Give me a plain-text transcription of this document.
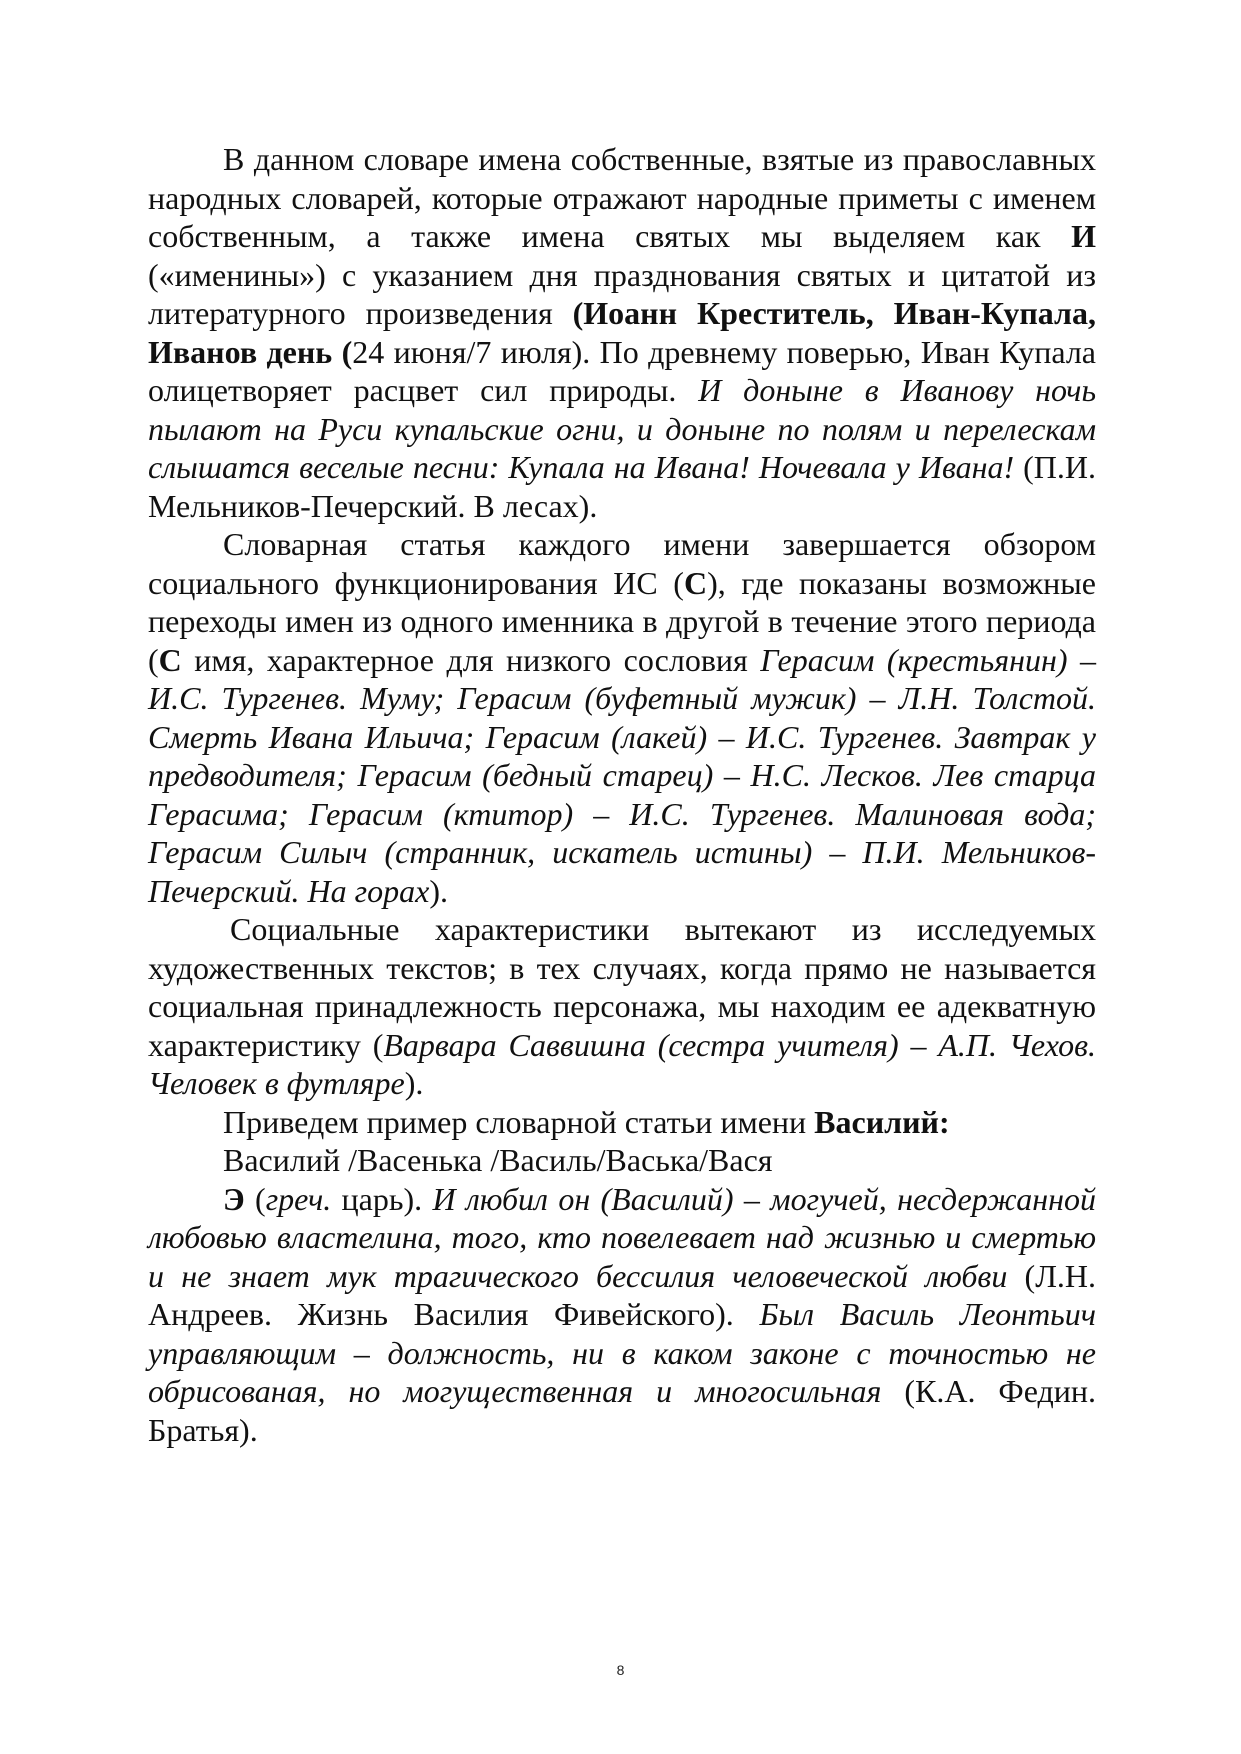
В данном словаре имена собственные, взятые из православных народных словарей, которые отражают народные приметы с именем собственным, а также имена святых мы выделяем как И («именины») с указанием дня празднования святых и цитатой из литературного произведения (Иоанн Креститель, Иван-Купала, Иванов день (24 июня/7 июля). По древнему поверью, Иван Купала олицетворяет расцвет сил природы. И доныне в Иванову ночь пылают на Руси купальские огни, и доныне по полям и перелескам слышатся веселые песни: Купала на Ивана! Ночевала у Ивана! (П.И. Мельников-Печерский. В лесах).

Словарная статья каждого имени завершается обзором социального функционирования ИС (С), где показаны возможные переходы имен из одного именника в другой в течение этого периода (С имя, характерное для низкого сословия Герасим (крестьянин) – И.С. Тургенев. Муму; Герасим (буфетный мужик) – Л.Н. Толстой. Смерть Ивана Ильича; Герасим (лакей) – И.С. Тургенев. Завтрак у предводителя; Герасим (бедный старец) – Н.С. Лесков. Лев старца Герасима; Герасим (ктитор) – И.С. Тургенев. Малиновая вода; Герасим Силыч (странник, искатель истины) – П.И. Мельников-Печерский. На горах).

Социальные характеристики вытекают из исследуемых художественных текстов; в тех случаях, когда прямо не называется социальная принадлежность персонажа, мы находим ее адекватную характеристику (Варвара Саввишна (сестра учителя) – А.П. Чехов. Человек в футляре).

Приведем пример словарной статьи имени Василий:

Василий /Васенька /Василь/Васька/Вася

Э (греч. царь). И любил он (Василий) – могучей, несдержанной любовью властелина, того, кто повелевает над жизнью и смертью и не знает мук трагического бессилия человеческой любви (Л.Н. Андреев. Жизнь Василия Фивейского). Был Василь Леонтьич управляющим – должность, ни в каком законе с точностью не обрисованая, но могущественная и многосильная (К.А. Федин. Братья).

8
